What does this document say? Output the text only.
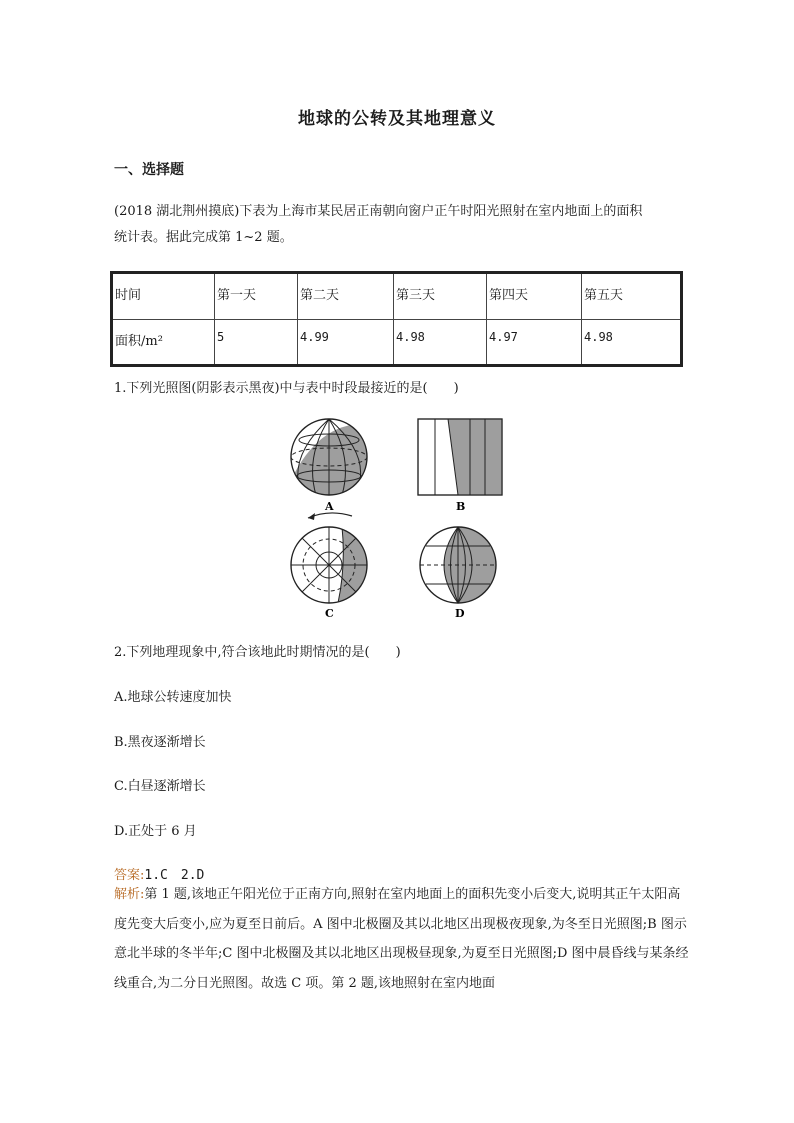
地球的公转及其地理意义
一、选择题
(2018 湖北荆州摸底)下表为上海市某民居正南朝向窗户正午时阳光照射在室内地面上的面积
统计表。据此完成第 1~2 题。
时间	第一天	第二天	第三天	第四天	第五天
面积/m²	5	4.99	4.98	4.97	4.98
1.下列光照图(阴影表示黑夜)中与表中时段最接近的是(　　)
A	B
C	D
2.下列地理现象中,符合该地此时期情况的是(　　)
A.地球公转速度加快
B.黑夜逐渐增长
C.白昼逐渐增长
D.正处于 6 月
答案:1.C　2.D
解析:第 1 题,该地正午阳光位于正南方向,照射在室内地面上的面积先变小后变大,说明其正午太阳高度先变大后变小,应为夏至日前后。A 图中北极圈及其以北地区出现极夜现象,为冬至日光照图;B 图示意北半球的冬半年;C 图中北极圈及其以北地区出现极昼现象,为夏至日光照图;D 图中晨昏线与某条经线重合,为二分日光照图。故选 C 项。第 2 题,该地照射在室内地面
